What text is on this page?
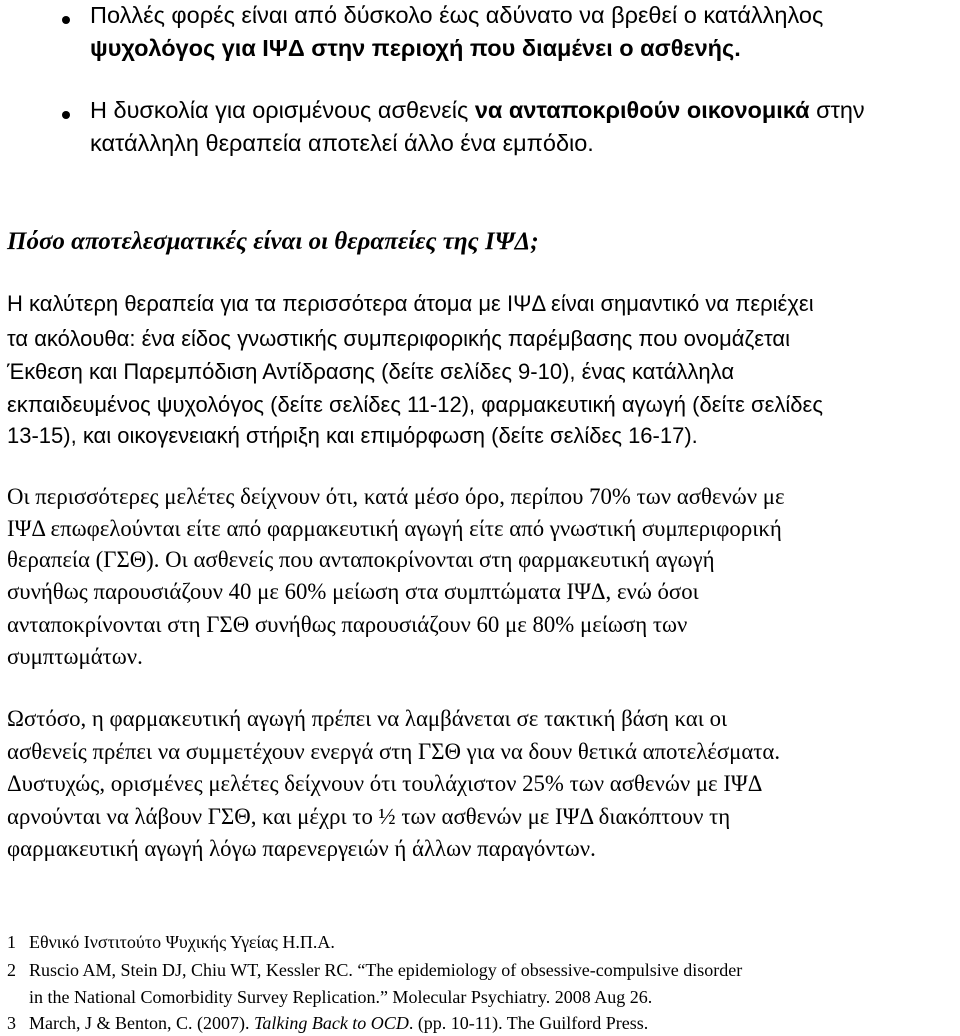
Πολλές φορές είναι από δύσκολο έως αδύνατο να βρεθεί ο κατάλληλος
ψυχολόγος για ΙΨΔ στην περιοχή που διαμένει ο ασθενής.
Η δυσκολία για ορισμένους ασθενείς να ανταποκριθούν οικονομικά στην
κατάλληλη θεραπεία αποτελεί άλλο ένα εμπόδιο.
Πόσο αποτελεσματικές είναι οι θεραπείες της ΙΨΔ;
Η καλύτερη θεραπεία για τα περισσότερα άτομα με ΙΨΔ είναι σημαντικό να περιέχει
τα ακόλουθα: ένα είδος γνωστικής συμπεριφορικής παρέμβασης που ονομάζεται
Έκθεση και Παρεμπόδιση Αντίδρασης (δείτε σελίδες 9-10), ένας κατάλληλα
εκπαιδευμένος ψυχολόγος (δείτε σελίδες 11-12), φαρμακευτική αγωγή (δείτε σελίδες
13-15), και οικογενειακή στήριξη και επιμόρφωση (δείτε σελίδες 16-17).
Οι περισσότερες μελέτες δείχνουν ότι, κατά μέσο όρο, περίπου 70% των ασθενών με
ΙΨΔ επωφελούνται είτε από φαρμακευτική αγωγή είτε από γνωστική συμπεριφορική
θεραπεία (ΓΣΘ). Οι ασθενείς που ανταποκρίνονται στη φαρμακευτική αγωγή
συνήθως παρουσιάζουν 40 με 60% μείωση στα συμπτώματα ΙΨΔ, ενώ όσοι
ανταποκρίνονται στη ΓΣΘ συνήθως παρουσιάζουν 60 με 80% μείωση των
συμπτωμάτων.
Ωστόσο, η φαρμακευτική αγωγή πρέπει να λαμβάνεται σε τακτική βάση και οι
ασθενείς πρέπει να συμμετέχουν ενεργά στη ΓΣΘ για να δουν θετικά αποτελέσματα.
Δυστυχώς, ορισμένες μελέτες δείχνουν ότι τουλάχιστον 25% των ασθενών με ΙΨΔ
αρνούνται να λάβουν ΓΣΘ, και μέχρι το ½ των ασθενών με ΙΨΔ διακόπτουν τη
φαρμακευτική αγωγή λόγω παρενεργειών ή άλλων παραγόντων.
1 Εθνικό Ινστιτούτο Ψυχικής Υγείας Η.Π.Α.
2 Ruscio AM, Stein DJ, Chiu WT, Kessler RC. “The epidemiology of obsessive-compulsive disorder
in the National Comorbidity Survey Replication.” Molecular Psychiatry. 2008 Aug 26.
3 March, J & Benton, C. (2007). Talking Back to OCD. (pp. 10-11). The Guilford Press.
